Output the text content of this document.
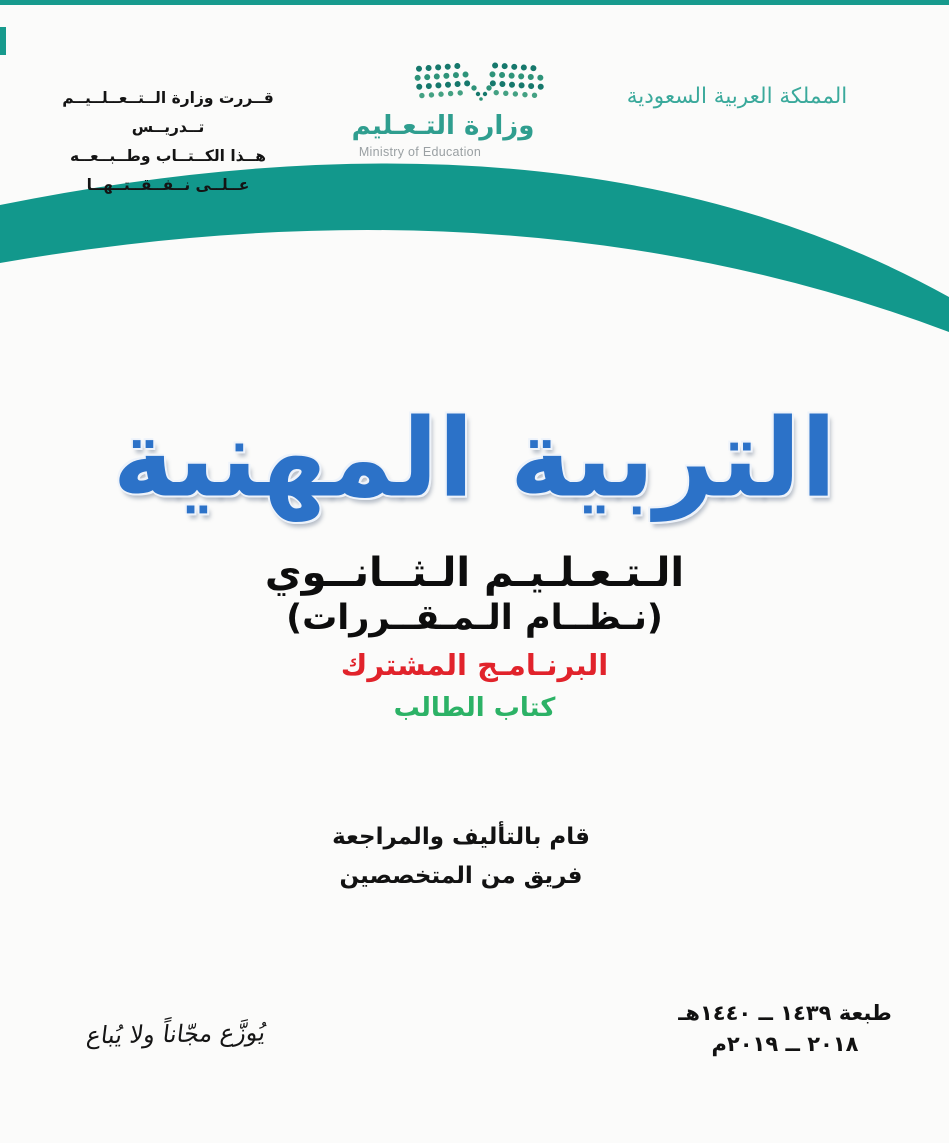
قــررت وزارة الــتــعــلــيــم تــدريــس
هــذا الكــتــاب وطــبــعــه عــلــى نــفــقــتــهــا
وزارة التـعـليم
Ministry of Education
المملكة العربية السعودية
التربية المهنية
الـتـعـلـيـم الـثــانــوي
(نـظــام الـمـقــررات)
البرنـامـج المشترك
كتاب الطالب
قام بالتأليف والمراجعة
فريق من المتخصصين
طبعة ١٤٣٩ ــ ١٤٤٠هـ
٢٠١٨ ــ ٢٠١٩م
يُوزَّع مجّاناً ولا يُباع
